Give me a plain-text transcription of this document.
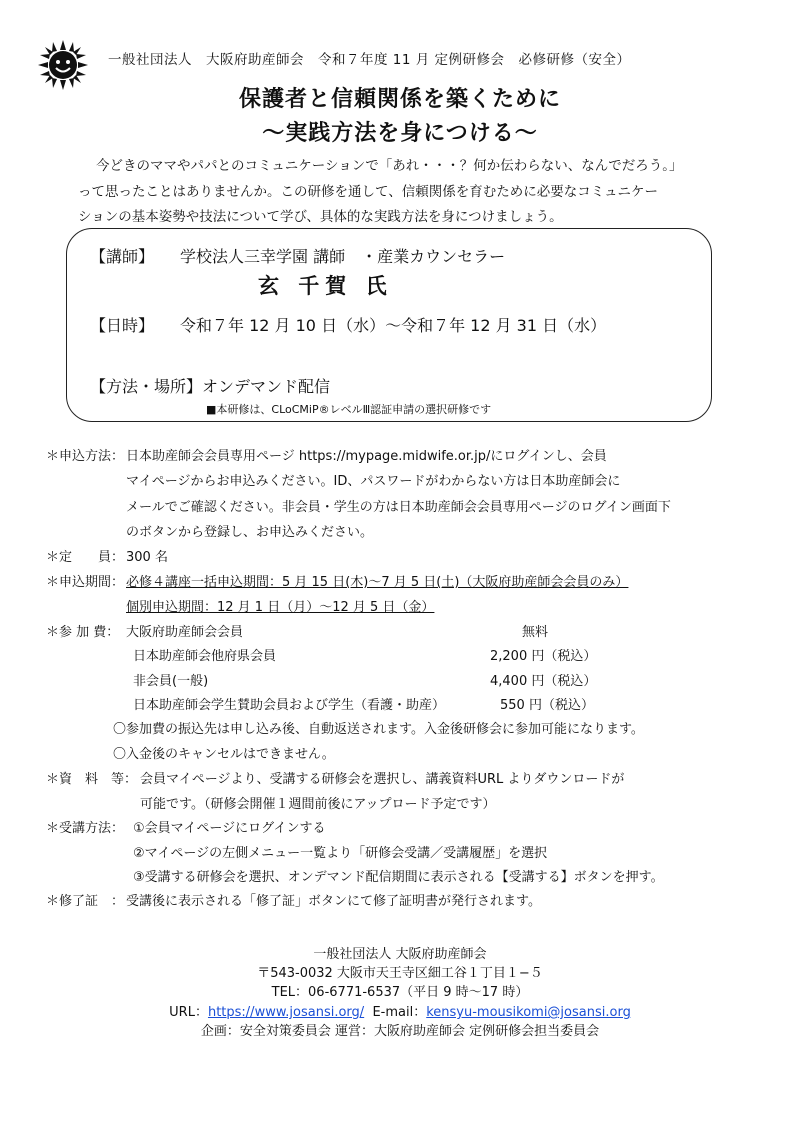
一般社団法人　大阪府助産師会　令和７年度 11 月 定例研修会　必修研修（安全）
保護者と信頼関係を築くために
～実践方法を身につける～
今どきのママやパパとのコミュニケーションで「あれ・・・？何か伝わらない、なんでだろう。」
って思ったことはありませんか。この研修を通して、信頼関係を育むために必要なコミュニケー
ションの基本姿勢や技法について学び、具体的な実践方法を身につけましょう。
【講師】 学校法人三幸学園 講師　・産業カウンセラー
玄 千賀 氏
【日時】 令和７年 12 月 10 日（水）～令和７年 12 月 31 日（水）
【方法・場所】 オンデマンド配信
■本研修は、CLoCMiP®レベルⅢ認証申請の選択研修です
＊申込方法： 日本助産師会会員専用ページ https://mypage.midwife.or.jp/にログインし、会員
マイページからお申込みください。ID、パスワードがわからない方は日本助産師会に
メールでご確認ください。非会員・学生の方は日本助産師会会員専用ページのログイン画面下
のボタンから登録し、お申込みください。
＊定　　員： 300 名
＊申込期間： 必修４講座一括申込期間：5 月 15 日(木)～7 月 5 日(土)（大阪府助産師会会員のみ）
個別申込期間：12 月 1 日（月）～12 月 5 日（金）
＊参 加 費： 大阪府助産師会会員	無料
日本助産師会他府県会員	2,200 円（税込）
非会員(一般)	4,400 円（税込）
日本助産師会学生賛助会員および学生（看護・助産）	550 円（税込）
〇参加費の振込先は申し込み後、自動返送されます。入金後研修会に参加可能になります。
〇入金後のキャンセルはできません。
＊資　料　等： 会員マイページより、受講する研修会を選択し、講義資料URL よりダウンロードが
可能です。（研修会開催１週間前後にアップロード予定です）
＊受講方法： ①会員マイページにログインする
②マイページの左側メニュー一覧より「研修会受講／受講履歴」を選択
③受講する研修会を選択、オンデマンド配信期間に表示される【受講する】ボタンを押す。
＊修了証　： 受講後に表示される「修了証」ボタンにて修了証明書が発行されます。
一般社団法人 大阪府助産師会
〒543-0032 大阪市天王寺区細工谷１丁目１−５
TEL：06-6771-6537（平日 9 時～17 時）
URL：https://www.josansi.org/ E-mail：kensyu-mousikomi@josansi.org
企画：安全対策委員会 運営：大阪府助産師会 定例研修会担当委員会
